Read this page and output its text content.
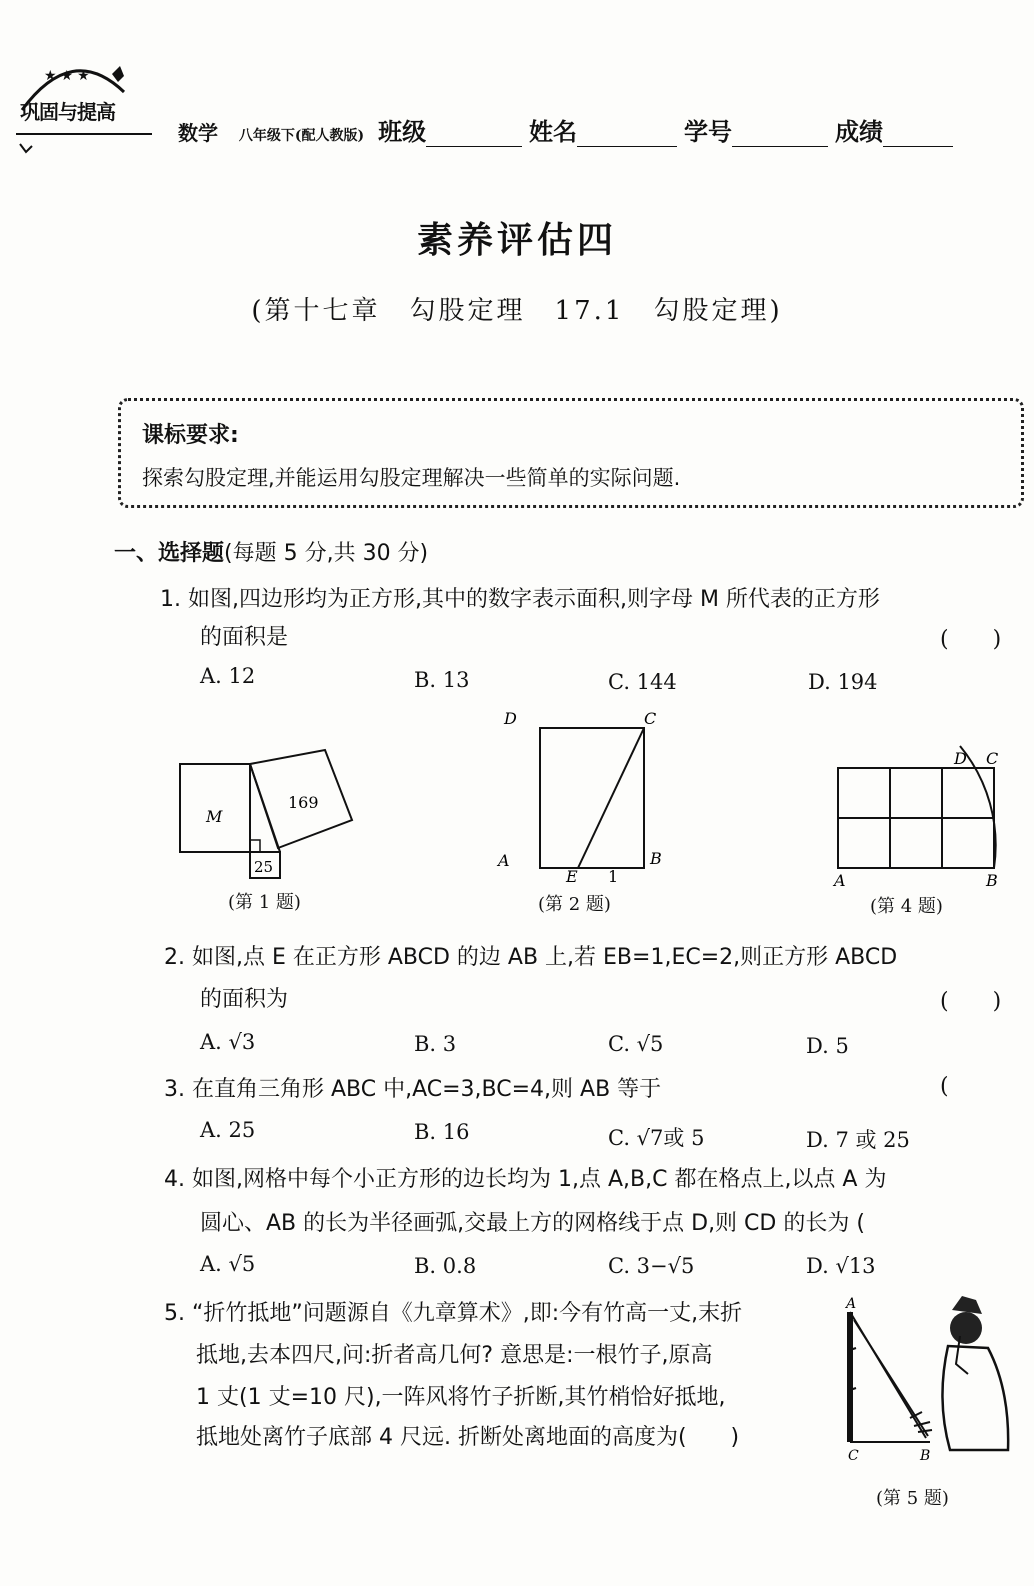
★★★
巩固与提高
数学 八年级下(配人教版) 班级	姓名	学号	成绩
素养评估四
(第十七章　勾股定理　17.1　勾股定理)
课标要求:
探索勾股定理,并能运用勾股定理解决一些简单的实际问题.
一、选择题(每题 5 分,共 30 分)
1. 如图,四边形均为正方形,其中的数字表示面积,则字母 M 所代表的正方形
的面积是	(　　)
A. 12	B. 13	C. 144	D. 194
M
169
25
(第 1 题)
D	C
A	B
E 1
(第 2 题)
D C
A	B
(第 4 题)
2. 如图,点 E 在正方形 ABCD 的边 AB 上,若 EB=1,EC=2,则正方形 ABCD
的面积为	(　　)
A. √3	B. 3	C. √5	D. 5
3. 在直角三角形 ABC 中,AC=3,BC=4,则 AB 等于	(
A. 25	B. 16	C. √7或 5	D. 7 或 25
4. 如图,网格中每个小正方形的边长均为 1,点 A,B,C 都在格点上,以点 A 为
圆心、AB 的长为半径画弧,交最上方的网格线于点 D,则 CD 的长为 (
A. √5	B. 0.8	C. 3−√5	D. √13
5. “折竹抵地”问题源自《九章算术》,即:今有竹高一丈,末折
抵地,去本四尺,问:折者高几何? 意思是:一根竹子,原高
1 丈(1 丈=10 尺),一阵风将竹子折断,其竹梢恰好抵地,
抵地处离竹子底部 4 尺远. 折断处离地面的高度为(　　)
A
B
C
(第 5 题)
